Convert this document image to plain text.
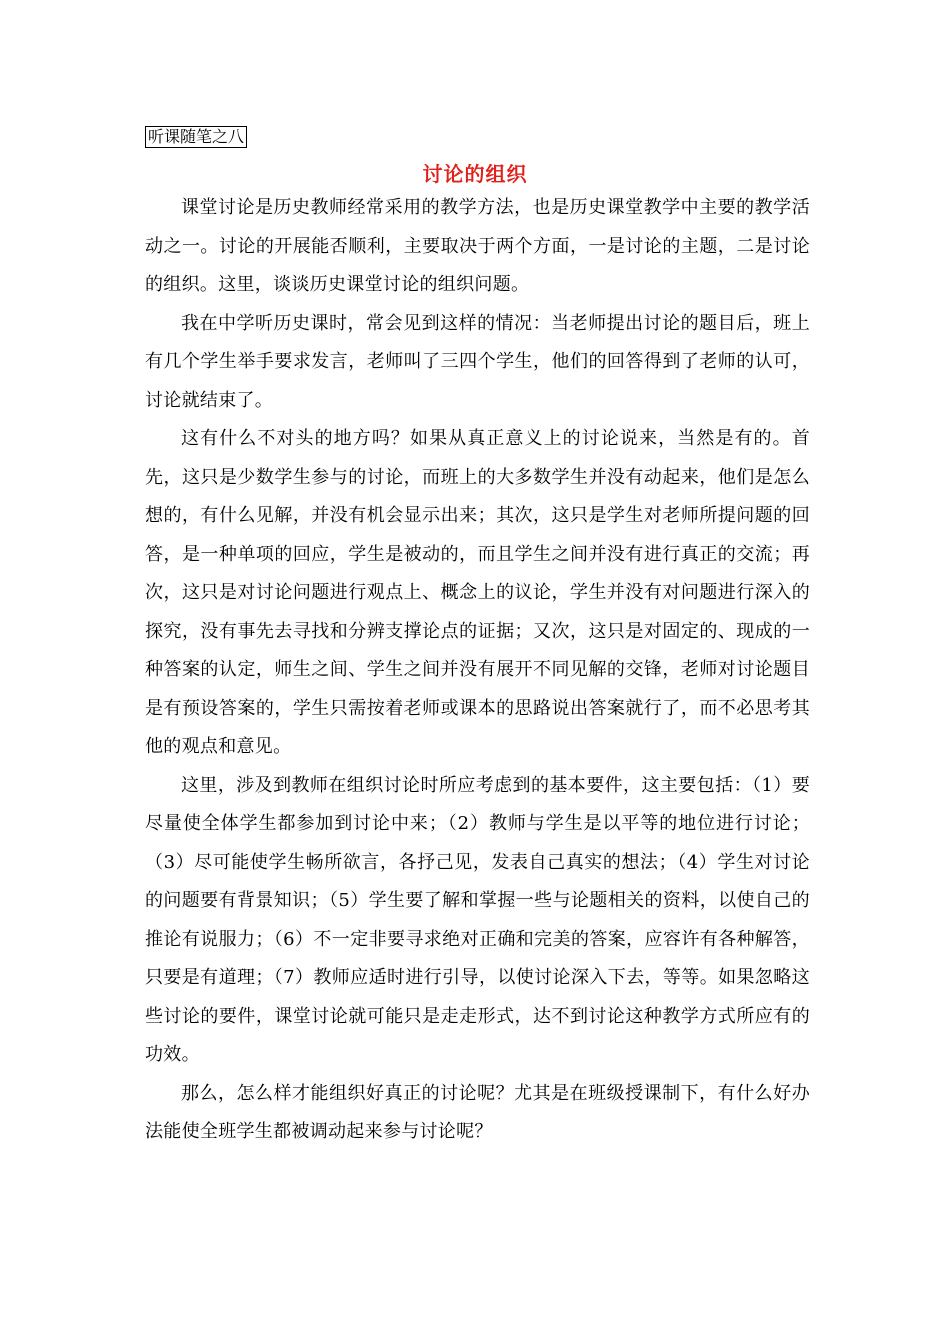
听课随笔之八
讨论的组织

课堂讨论是历史教师经常采用的教学方法，也是历史课堂教学中主要的教学活动之一。讨论的开展能否顺利，主要取决于两个方面，一是讨论的主题，二是讨论的组织。这里，谈谈历史课堂讨论的组织问题。

我在中学听历史课时，常会见到这样的情况：当老师提出讨论的题目后，班上有几个学生举手要求发言，老师叫了三四个学生，他们的回答得到了老师的认可，讨论就结束了。

这有什么不对头的地方吗？如果从真正意义上的讨论说来，当然是有的。首先，这只是少数学生参与的讨论，而班上的大多数学生并没有动起来，他们是怎么想的，有什么见解，并没有机会显示出来；其次，这只是学生对老师所提问题的回答，是一种单项的回应，学生是被动的，而且学生之间并没有进行真正的交流；再次，这只是对讨论问题进行观点上、概念上的议论，学生并没有对问题进行深入的探究，没有事先去寻找和分辨支撑论点的证据；又次，这只是对固定的、现成的一种答案的认定，师生之间、学生之间并没有展开不同见解的交锋，老师对讨论题目是有预设答案的，学生只需按着老师或课本的思路说出答案就行了，而不必思考其他的观点和意见。

这里，涉及到教师在组织讨论时所应考虑到的基本要件，这主要包括：（1）要尽量使全体学生都参加到讨论中来；（2）教师与学生是以平等的地位进行讨论；（3）尽可能使学生畅所欲言，各抒己见，发表自己真实的想法；（4）学生对讨论的问题要有背景知识；（5）学生要了解和掌握一些与论题相关的资料，以使自己的推论有说服力；（6）不一定非要寻求绝对正确和完美的答案，应容许有各种解答，只要是有道理；（7）教师应适时进行引导，以使讨论深入下去，等等。如果忽略这些讨论的要件，课堂讨论就可能只是走走形式，达不到讨论这种教学方式所应有的功效。

那么，怎么样才能组织好真正的讨论呢？尤其是在班级授课制下，有什么好办法能使全班学生都被调动起来参与讨论呢？
